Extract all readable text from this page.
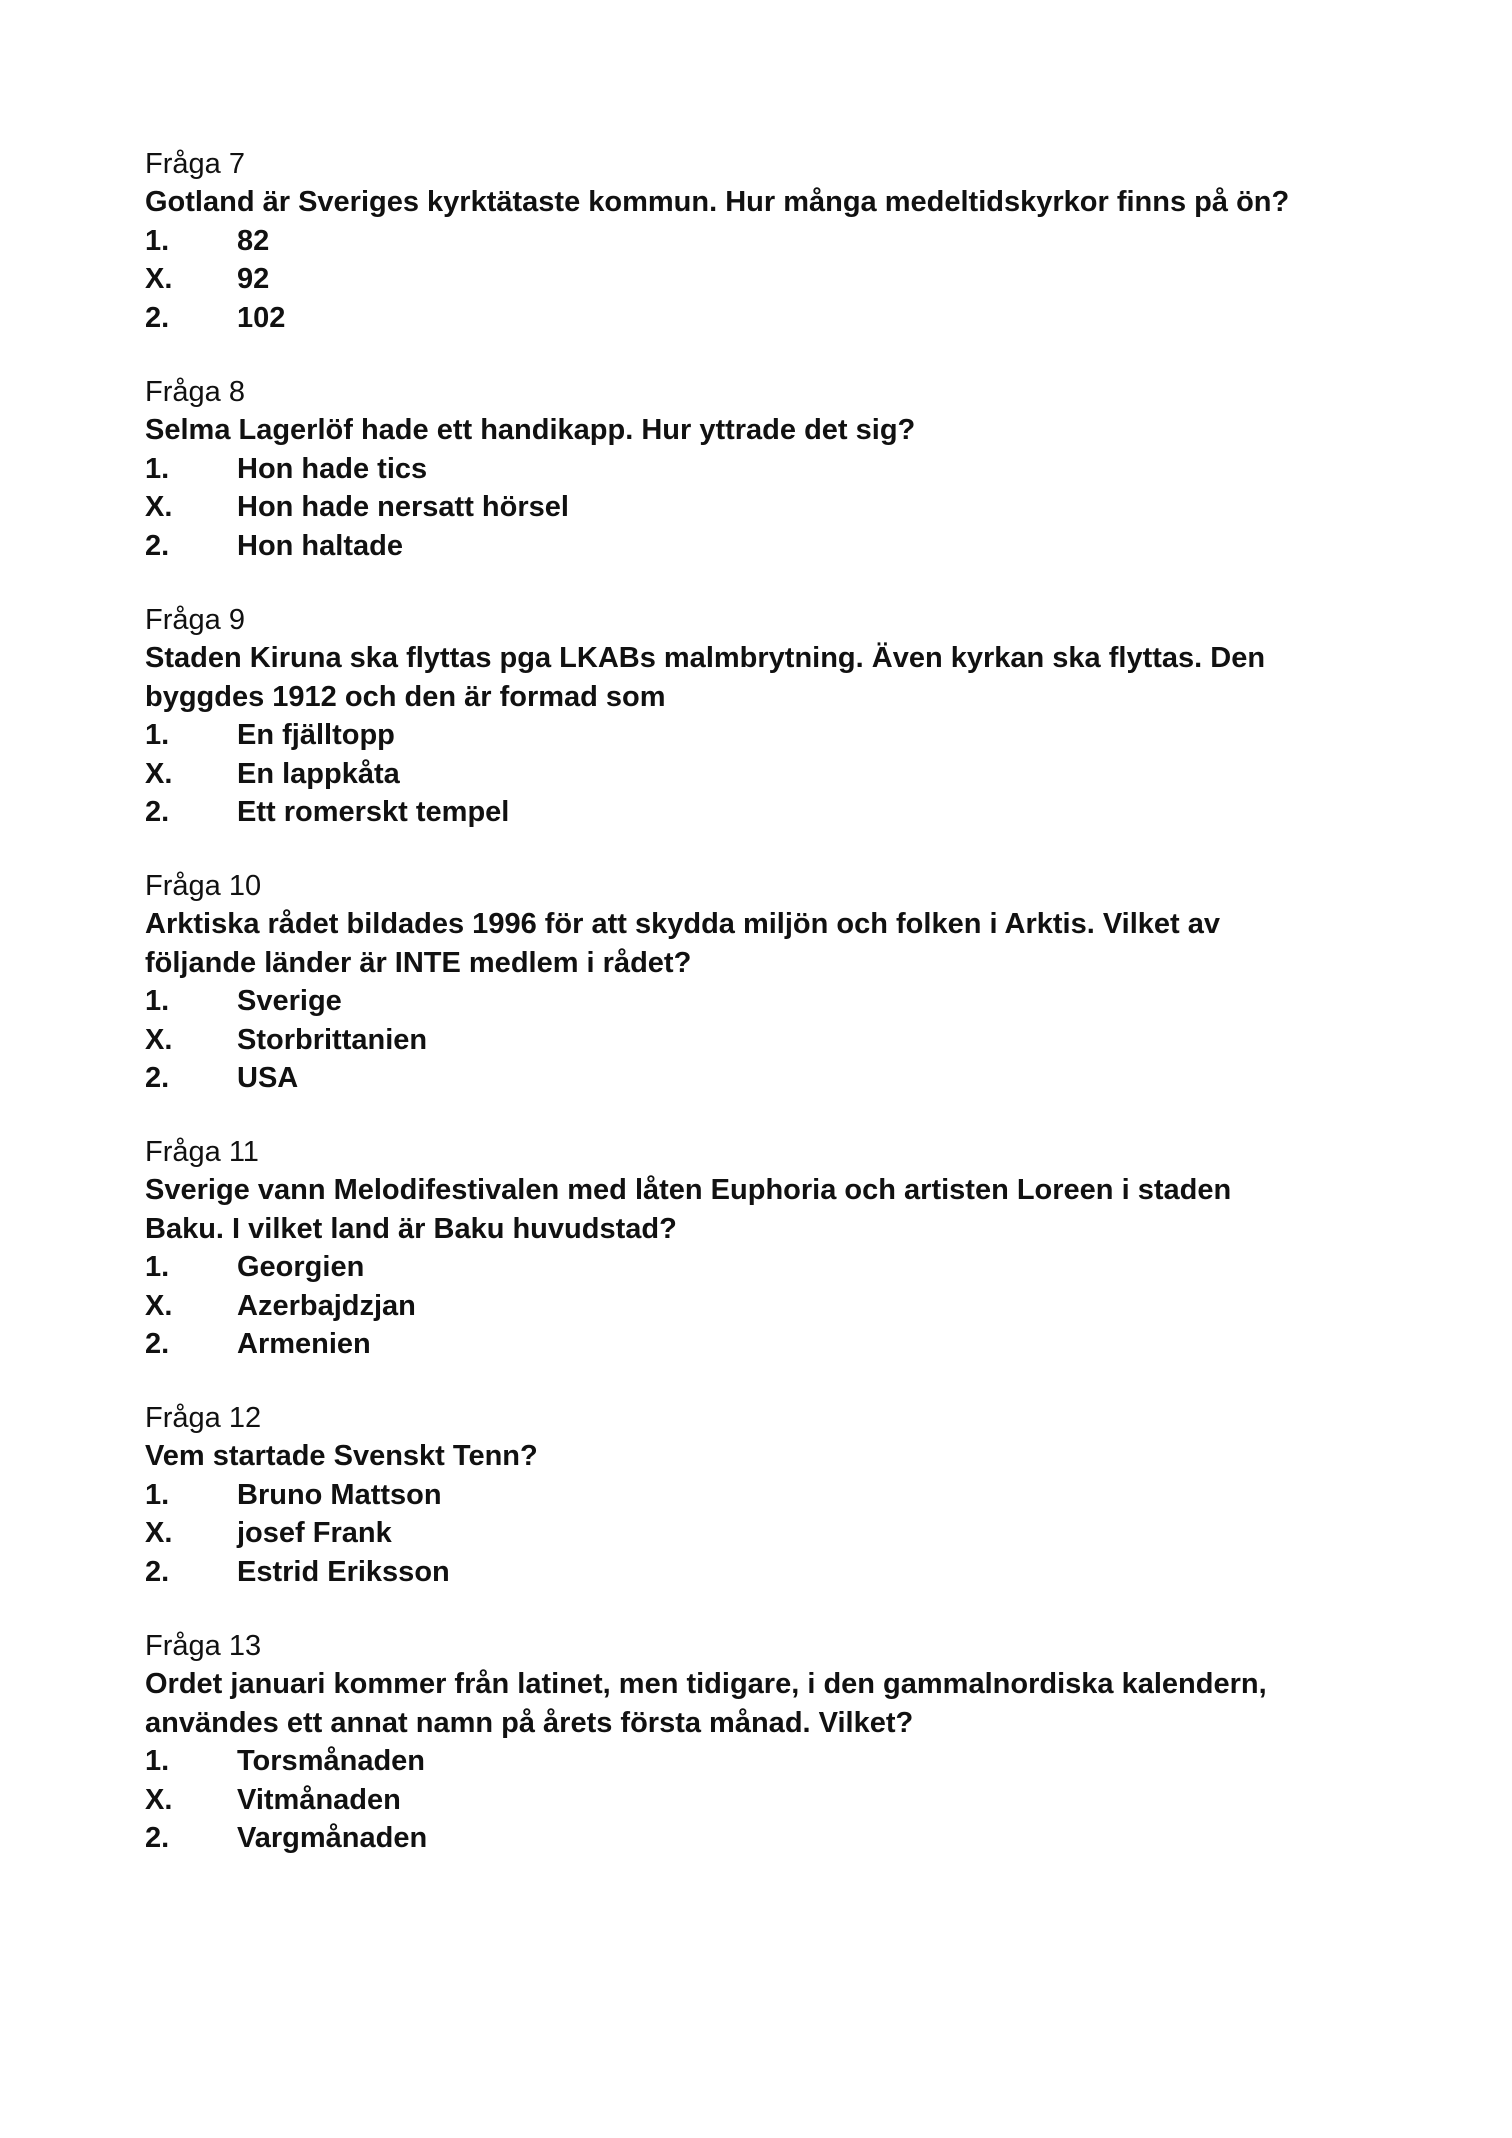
Fråga 7
Gotland är Sveriges kyrktätaste kommun. Hur många medeltidskyrkor finns på ön?
1.	82
X.	92
2.	102
Fråga 8
Selma Lagerlöf hade ett handikapp. Hur yttrade det sig?
1.	Hon hade tics
X.	Hon hade nersatt hörsel
2.	Hon haltade
Fråga 9
Staden Kiruna ska flyttas pga LKABs malmbrytning. Även kyrkan ska flyttas. Den
byggdes 1912 och den är formad som
1.	En fjälltopp
X.	En lappkåta
2.	Ett romerskt tempel
Fråga 10
Arktiska rådet bildades 1996 för att skydda miljön och folken i Arktis. Vilket av
följande länder är INTE medlem i rådet?
1.	Sverige
X.	Storbrittanien
2.	USA
Fråga 11
Sverige vann Melodifestivalen med låten Euphoria och artisten Loreen i staden
Baku. I vilket land är Baku huvudstad?
1.	Georgien
X.	Azerbajdzjan
2.	Armenien
Fråga 12
Vem startade Svenskt Tenn?
1.	Bruno Mattson
X.	josef Frank
2.	Estrid Eriksson
Fråga 13
Ordet januari kommer från latinet, men tidigare, i den gammalnordiska kalendern,
användes ett annat namn på årets första månad. Vilket?
1.	Torsmånaden
X.	Vitmånaden
2.	Vargmånaden
